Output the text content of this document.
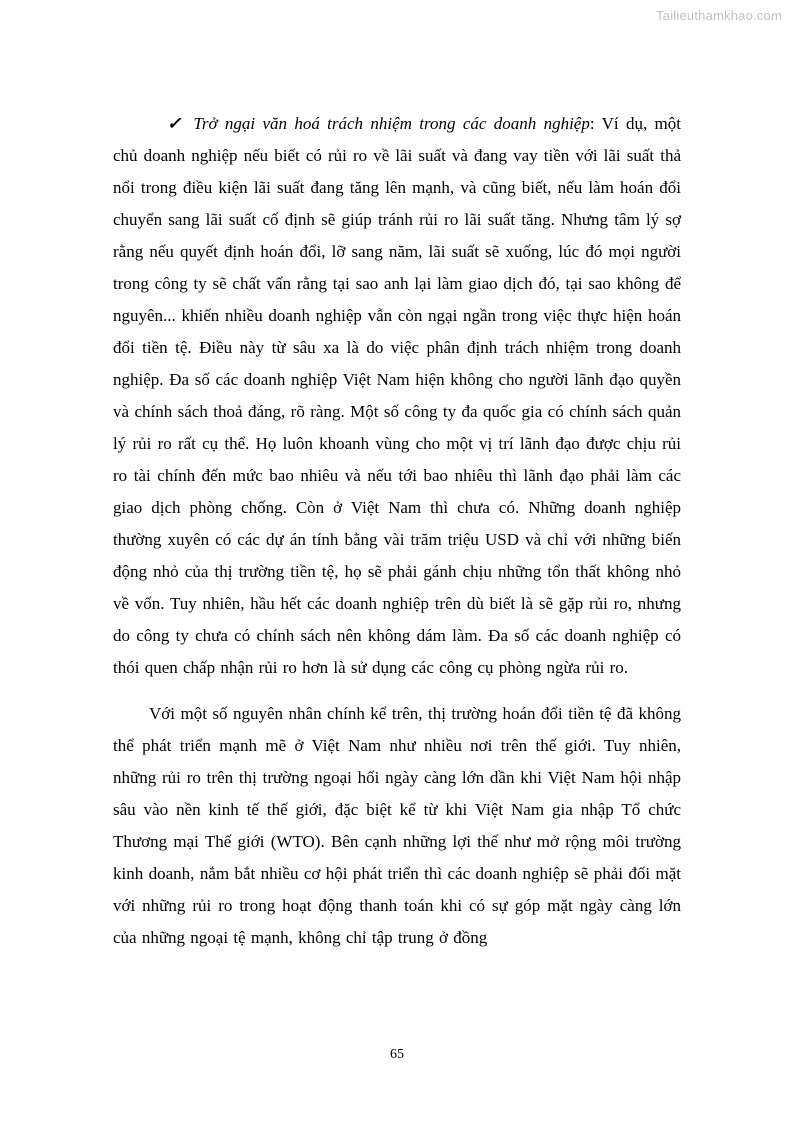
Tailieuthamkhao.com

✓ Trở ngại văn hoá trách nhiệm trong các doanh nghiệp: Ví dụ, một chủ doanh nghiệp nếu biết có rủi ro về lãi suất và đang vay tiền với lãi suất thả nổi trong điều kiện lãi suất đang tăng lên mạnh, và cũng biết, nếu làm hoán đổi chuyển sang lãi suất cố định sẽ giúp tránh rủi ro lãi suất tăng. Nhưng tâm lý sợ rằng nếu quyết định hoán đổi, lỡ sang năm, lãi suất sẽ xuống, lúc đó mọi người trong công ty sẽ chất vấn rằng tại sao anh lại làm giao dịch đó, tại sao không để nguyên... khiến nhiều doanh nghiệp vẫn còn ngại ngần trong việc thực hiện hoán đổi tiền tệ. Điều này từ sâu xa là do việc phân định trách nhiệm trong doanh nghiệp. Đa số các doanh nghiệp Việt Nam hiện không cho người lãnh đạo quyền và chính sách thoả đáng, rõ ràng. Một số công ty đa quốc gia có chính sách quản lý rủi ro rất cụ thể. Họ luôn khoanh vùng cho một vị trí lãnh đạo được chịu rủi ro tài chính đến mức bao nhiêu và nếu tới bao nhiêu thì lãnh đạo phải làm các giao dịch phòng chống. Còn ở Việt Nam thì chưa có. Những doanh nghiệp thường xuyên có các dự án tính bằng vài trăm triệu USD và chỉ với những biến động nhỏ của thị trường tiền tệ, họ sẽ phải gánh chịu những tổn thất không nhỏ về vốn. Tuy nhiên, hầu hết các doanh nghiệp trên dù biết là sẽ gặp rủi ro, nhưng do công ty chưa có chính sách nên không dám làm. Đa số các doanh nghiệp có thói quen chấp nhận rủi ro hơn là sử dụng các công cụ phòng ngừa rủi ro.

Với một số nguyên nhân chính kể trên, thị trường hoán đổi tiền tệ đã không thể phát triển mạnh mẽ ở Việt Nam như nhiều nơi trên thế giới. Tuy nhiên, những rủi ro trên thị trường ngoại hối ngày càng lớn dần khi Việt Nam hội nhập sâu vào nền kinh tế thế giới, đặc biệt kể từ khi Việt Nam gia nhập Tổ chức Thương mại Thế giới (WTO). Bên cạnh những lợi thế như mở rộng môi trường kinh doanh, nắm bắt nhiều cơ hội phát triển thì các doanh nghiệp sẽ phải đối mặt với những rủi ro trong hoạt động thanh toán khi có sự góp mặt ngày càng lớn của những ngoại tệ mạnh, không chỉ tập trung ở đồng

65
